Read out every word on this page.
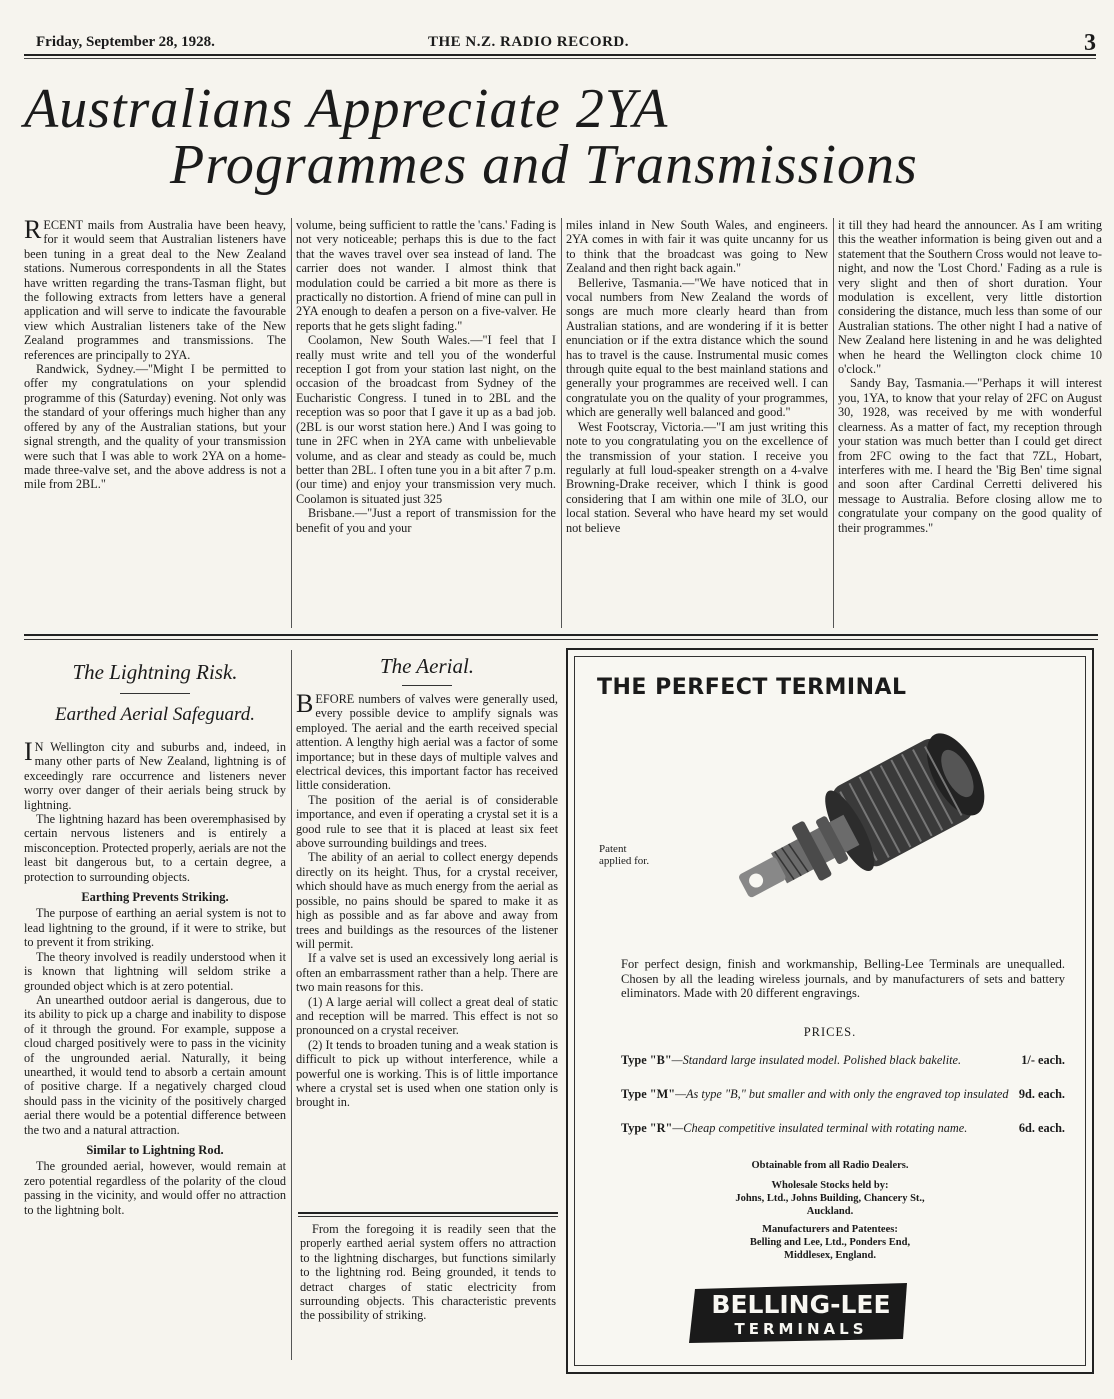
Friday, September 28, 1928.	THE N.Z. RADIO RECORD.	3
Australians Appreciate 2YA
Programmes and Transmissions

RECENT mails from Australia have been heavy, for it would seem that Australian listeners have been tuning in a great deal to the New Zealand stations. Numerous correspondents in all the States have written regarding the trans-Tasman flight, but the following extracts from letters have a general application and will serve to indicate the favourable view which Australian listeners take of the New Zealand programmes and transmissions. The references are principally to 2YA.

Randwick, Sydney.—"Might I be permitted to offer my congratulations on your splendid programme of this (Saturday) evening. Not only was the standard of your offerings much higher than any offered by any of the Australian stations, but your signal strength, and the quality of your transmission were such that I was able to work 2YA on a home-made three-valve set, and the above address is not a mile from 2BL."

volume, being sufficient to rattle the 'cans.' Fading is not very noticeable; perhaps this is due to the fact that the waves travel over sea instead of land. The carrier does not wander. I almost think that modulation could be carried a bit more as there is practically no distortion. A friend of mine can pull in 2YA enough to deafen a person on a five-valver. He reports that he gets slight fading."

Coolamon, New South Wales.—"I feel that I really must write and tell you of the wonderful reception I got from your station last night, on the occasion of the broadcast from Sydney of the Eucharistic Congress. I tuned in to 2BL and the reception was so poor that I gave it up as a bad job. (2BL is our worst station here.) And I was going to tune in 2FC when in 2YA came with unbelievable volume, and as clear and steady as could be, much better than 2BL. I often tune you in a bit after 7 p.m. (our time) and enjoy your transmission very much. Coolamon is situated just 325

Brisbane.—"Just a report of transmission for the benefit of you and your

miles inland in New South Wales, and engineers. 2YA comes in with fair it was quite uncanny for us to think that the broadcast was going to New Zealand and then right back again."

Bellerive, Tasmania.—"We have noticed that in vocal numbers from New Zealand the words of songs are much more clearly heard than from Australian stations, and are wondering if it is better enunciation or if the extra distance which the sound has to travel is the cause. Instrumental music comes through quite equal to the best mainland stations and generally your programmes are received well. I can congratulate you on the quality of your programmes, which are generally well balanced and good."

West Footscray, Victoria.—"I am just writing this note to you congratulating you on the excellence of the transmission of your station. I receive you regularly at full loud-speaker strength on a 4-valve Browning-Drake receiver, which I think is good considering that I am within one mile of 3LO, our local station. Several who have heard my set would not believe

it till they had heard the announcer. As I am writing this the weather information is being given out and a statement that the Southern Cross would not leave to-night, and now the 'Lost Chord.' Fading as a rule is very slight and then of short duration. Your modulation is excellent, very little distortion considering the distance, much less than some of our Australian stations. The other night I had a native of New Zealand here listening in and he was delighted when he heard the Wellington clock chime 10 o'clock."

Sandy Bay, Tasmania.—"Perhaps it will interest you, 1YA, to know that your relay of 2FC on August 30, 1928, was received by me with wonderful clearness. As a matter of fact, my reception through your station was much better than I could get direct from 2FC owing to the fact that 7ZL, Hobart, interferes with me. I heard the 'Big Ben' time signal and soon after Cardinal Cerretti delivered his message to Australia. Before closing allow me to congratulate your company on the good quality of their programmes."

The Lightning Risk.
Earthed Aerial Safeguard.

I N Wellington city and suburbs and, indeed, in many other parts of New Zealand, lightning is of exceedingly rare occurrence and listeners never worry over danger of their aerials being struck by lightning.

The lightning hazard has been overemphasised by certain nervous listeners and is entirely a misconception. Protected properly, aerials are not the least bit dangerous but, to a certain degree, a protection to surrounding objects.

Earthing Prevents Striking.

The purpose of earthing an aerial system is not to lead lightning to the ground, if it were to strike, but to prevent it from striking.

The theory involved is readily understood when it is known that lightning will seldom strike a grounded object which is at zero potential.

An unearthed outdoor aerial is dangerous, due to its ability to pick up a charge and inability to dispose of it through the ground. For example, suppose a cloud charged positively were to pass in the vicinity of the ungrounded aerial. Naturally, it being unearthed, it would tend to absorb a certain amount of positive charge. If a negatively charged cloud should pass in the vicinity of the positively charged aerial there would be a potential difference between the two and a natural attraction.

Similar to Lightning Rod.

The grounded aerial, however, would remain at zero potential regardless of the polarity of the cloud passing in the vicinity, and would offer no attraction to the lightning bolt.

The Aerial.

BEFORE numbers of valves were generally used, every possible device to amplify signals was employed. The aerial and the earth received special attention. A lengthy high aerial was a factor of some importance; but in these days of multiple valves and electrical devices, this important factor has received little consideration.

The position of the aerial is of considerable importance, and even if operating a crystal set it is a good rule to see that it is placed at least six feet above surrounding buildings and trees.

The ability of an aerial to collect energy depends directly on its height. Thus, for a crystal receiver, which should have as much energy from the aerial as possible, no pains should be spared to make it as high as possible and as far above and away from trees and buildings as the resources of the listener will permit.

If a valve set is used an excessively long aerial is often an embarrassment rather than a help. There are two main reasons for this.

(1) A large aerial will collect a great deal of static and reception will be marred. This effect is not so pronounced on a crystal receiver.

(2) It tends to broaden tuning and a weak station is difficult to pick up without interference, while a powerful one is working. This is of little importance where a crystal set is used when one station only is brought in.

From the foregoing it is readily seen that the properly earthed aerial system offers no attraction to the lightning discharges, but functions similarly to the lightning rod. Being grounded, it tends to detract charges of static electricity from surrounding objects. This characteristic prevents the possibility of striking.

THE PERFECT TERMINAL
Patent applied for.
For perfect design, finish and workmanship, Belling-Lee Terminals are unequalled. Chosen by all the leading wireless journals, and by manufacturers of sets and battery eliminators. Made with 20 different engravings.
PRICES.
Type "B"—Standard large insulated model. Polished black bakelite.	1/- each.
Type "M"—As type "B," but smaller and with only the engraved top insulated 9d. each.
Type "R"—Cheap competitive insulated terminal with rotating name.	6d. each.
Obtainable from all Radio Dealers.
Wholesale Stocks held by:
Johns, Ltd., Johns Building, Chancery St.,
Auckland.
Manufacturers and Patentees:
Belling and Lee, Ltd., Ponders End,
Middlesex, England.
BELLING-LEE
TERMINALS
